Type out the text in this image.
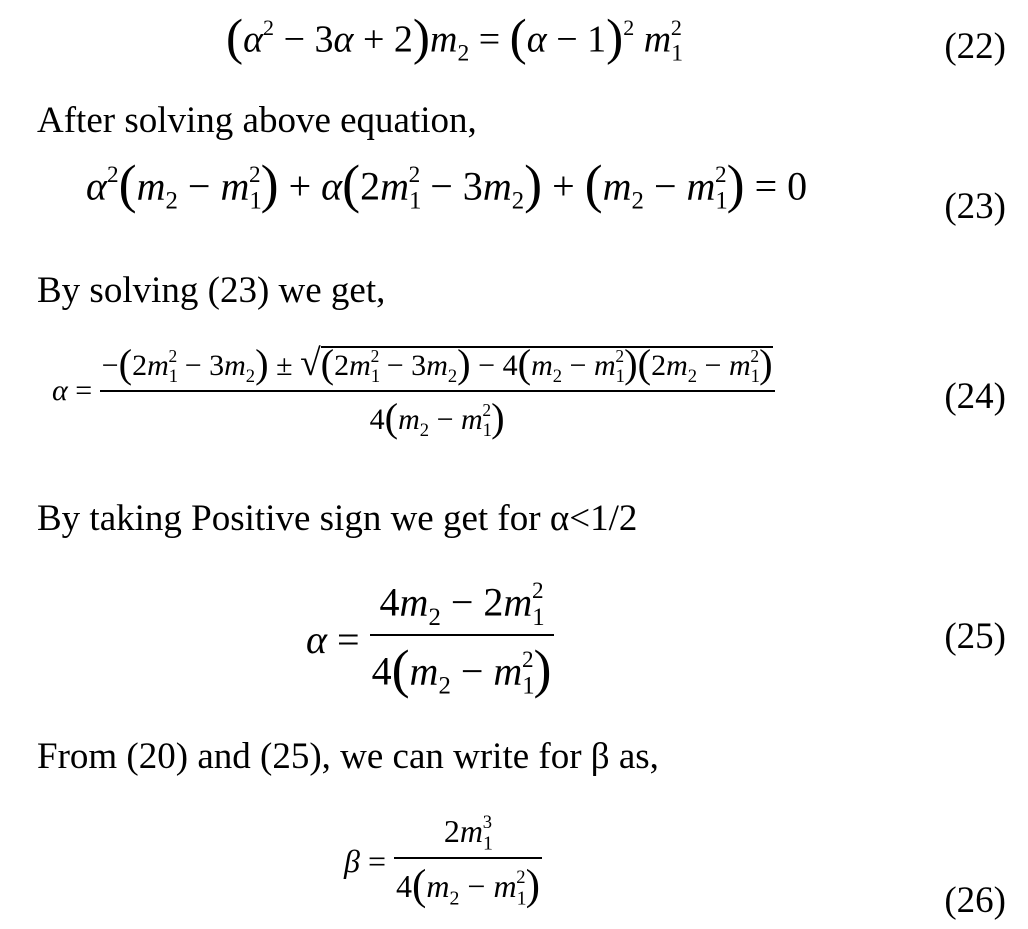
$(\alpha^2 - 3\alpha + 2)m_2 = (\alpha - 1)^2$ $m_1^2$	(22)
After solving above equation,
$\alpha^2(m_2 - m_1^2) + \alpha(2m_1^2 - 3m_2) + (m_2 - m_1^2) = 0$	(23)
By solving (23) we get,
$\alpha = \frac{-(2m_1^2 - 3m_2) \pm √(2m_1^2 - 3m_2) - 4(m_2 - m_1^2)(2m_2 - m_1^2)}{4(m_2 - m_1^2)}$	(24)
By taking Positive sign we get for α<1/2
$\alpha = \frac{4m_2 - 2m_1^2}{4(m_2 - m_1^2)}$	(25)
From (20) and (25), we can write for β as,
$\beta = \frac{2m_1^3}{4(m_2 - m_1^2)}$	(26)
